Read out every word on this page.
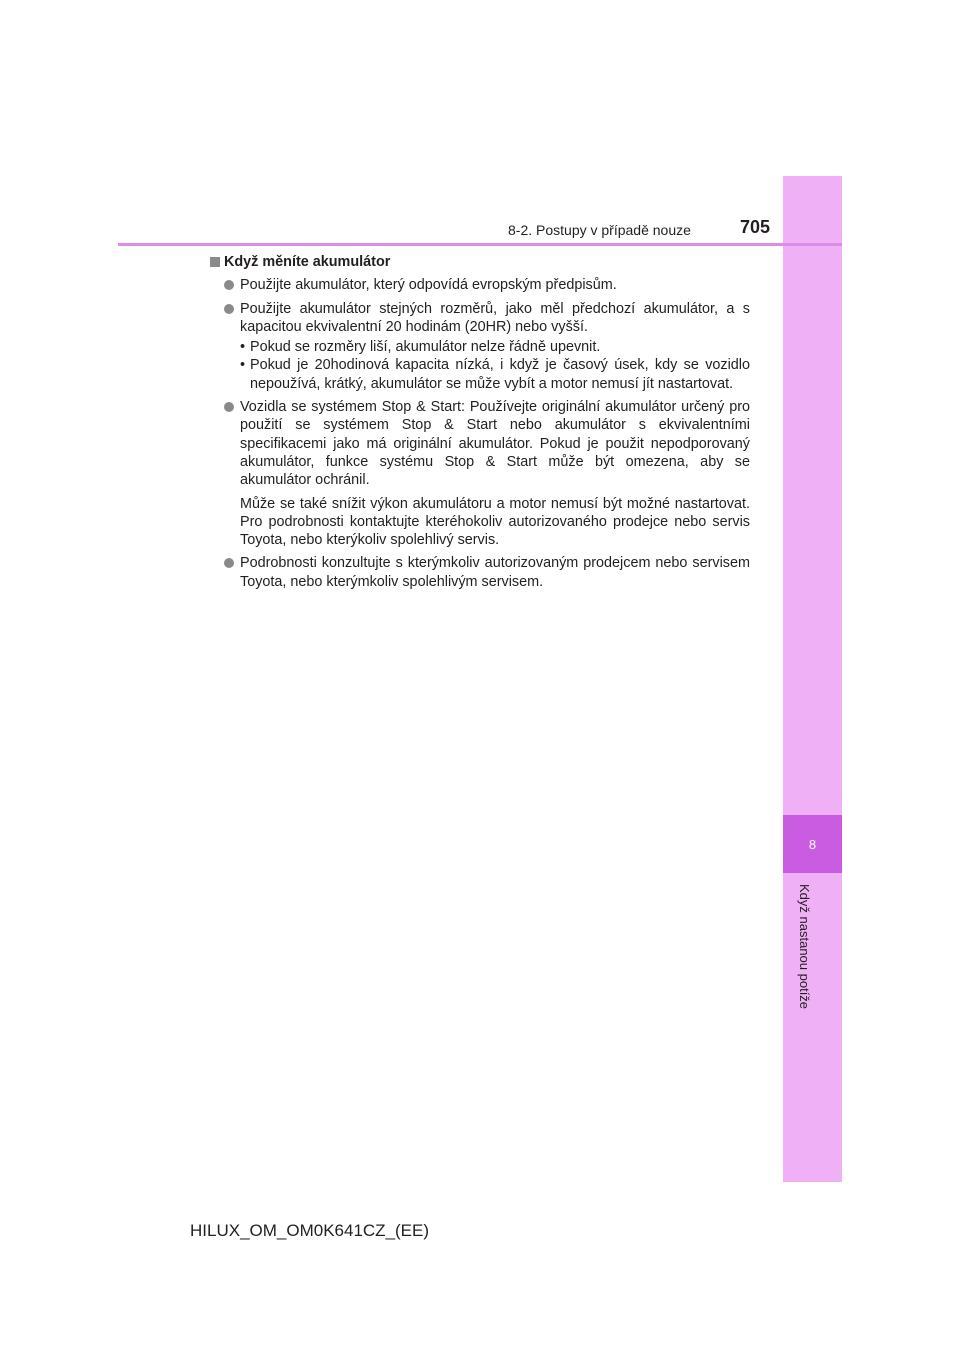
8
Když nastanou potíže
8-2. Postupy v případě nouze	705
Když měníte akumulátor
Použijte akumulátor, který odpovídá evropským předpisům.
Použijte akumulátor stejných rozměrů, jako měl předchozí akumulátor, a s kapacitou ekvivalentní 20 hodinám (20HR) nebo vyšší.
• Pokud se rozměry liší, akumulátor nelze řádně upevnit.
• Pokud je 20hodinová kapacita nízká, i když je časový úsek, kdy se vozidlo nepoužívá, krátký, akumulátor se může vybít a motor nemusí jít nastartovat.
Vozidla se systémem Stop & Start: Používejte originální akumulátor určený pro použití se systémem Stop & Start nebo akumulátor s ekvivalentními specifikacemi jako má originální akumulátor. Pokud je použit nepodporovaný akumulátor, funkce systému Stop & Start může být omezena, aby se akumulátor ochránil.
Může se také snížit výkon akumulátoru a motor nemusí být možné nastartovat. Pro podrobnosti kontaktujte kteréhokoliv autorizovaného prodejce nebo servis Toyota, nebo kterýkoliv spolehlivý servis.
Podrobnosti konzultujte s kterýmkoliv autorizovaným prodejcem nebo servisem Toyota, nebo kterýmkoliv spolehlivým servisem.
HILUX_OM_OM0K641CZ_(EE)
